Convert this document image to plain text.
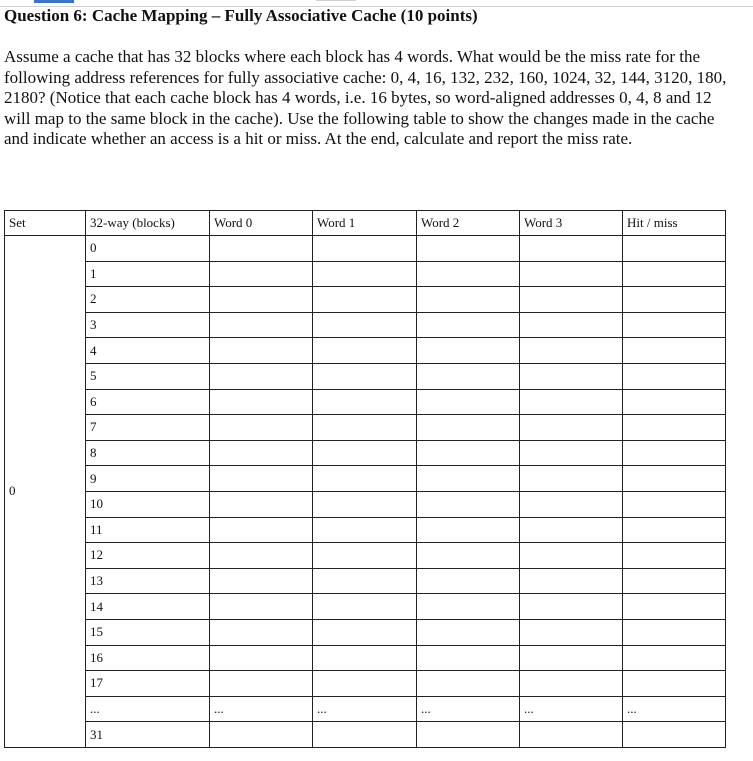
Question 6: Cache Mapping – Fully Associative Cache (10 points)

Assume a cache that has 32 blocks where each block has 4 words. What would be the miss rate for the following address references for fully associative cache: 0, 4, 16, 132, 232, 160, 1024, 32, 144, 3120, 180, 2180? (Notice that each cache block has 4 words, i.e. 16 bytes, so word-aligned addresses 0, 4, 8 and 12 will map to the same block in the cache). Use the following table to show the changes made in the cache and indicate whether an access is a hit or miss. At the end, calculate and report the miss rate.

Set	32-way (blocks)	Word 0	Word 1	Word 2	Word 3	Hit / miss
0	0					
	1					
	2					
	3					
	4					
	5					
	6					
	7					
	8					
	9					
	10					
	11					
	12					
	13					
	14					
	15					
	16					
	17					
	...	...	...	...	...	...
	31					
